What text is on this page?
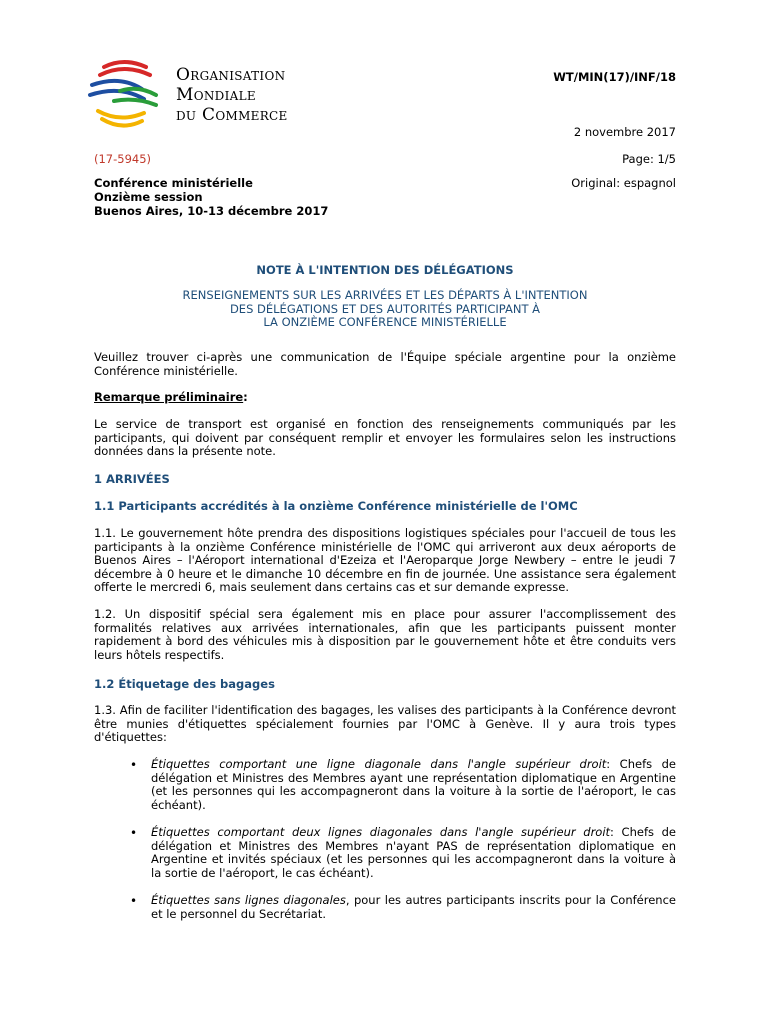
Organisation
Mondiale
du Commerce
WT/MIN(17)/INF/18
2 novembre 2017
(17-5945)	Page: 1/5
Conférence ministérielle
Onzième session
Buenos Aires, 10-13 décembre 2017
Original: espagnol
NOTE À L'INTENTION DES DÉLÉGATIONS
RENSEIGNEMENTS SUR LES ARRIVÉES ET LES DÉPARTS À L'INTENTION
DES DÉLÉGATIONS ET DES AUTORITÉS PARTICIPANT À
LA ONZIÈME CONFÉRENCE MINISTÉRIELLE
Veuillez trouver ci-après une communication de l'Équipe spéciale argentine pour la onzième Conférence ministérielle.
Remarque préliminaire:
Le service de transport est organisé en fonction des renseignements communiqués par les participants, qui doivent par conséquent remplir et envoyer les formulaires selon les instructions données dans la présente note.
1 ARRIVÉES
1.1 Participants accrédités à la onzième Conférence ministérielle de l'OMC
1.1. Le gouvernement hôte prendra des dispositions logistiques spéciales pour l'accueil de tous les participants à la onzième Conférence ministérielle de l'OMC qui arriveront aux deux aéroports de Buenos Aires – l'Aéroport international d'Ezeiza et l'Aeroparque Jorge Newbery – entre le jeudi 7 décembre à 0 heure et le dimanche 10 décembre en fin de journée. Une assistance sera également offerte le mercredi 6, mais seulement dans certains cas et sur demande expresse.
1.2. Un dispositif spécial sera également mis en place pour assurer l'accomplissement des formalités relatives aux arrivées internationales, afin que les participants puissent monter rapidement à bord des véhicules mis à disposition par le gouvernement hôte et être conduits vers leurs hôtels respectifs.
1.2 Étiquetage des bagages
1.3. Afin de faciliter l'identification des bagages, les valises des participants à la Conférence devront être munies d'étiquettes spécialement fournies par l'OMC à Genève. Il y aura trois types d'étiquettes:
• Étiquettes comportant une ligne diagonale dans l'angle supérieur droit: Chefs de délégation et Ministres des Membres ayant une représentation diplomatique en Argentine (et les personnes qui les accompagneront dans la voiture à la sortie de l'aéroport, le cas échéant).
• Étiquettes comportant deux lignes diagonales dans l'angle supérieur droit: Chefs de délégation et Ministres des Membres n'ayant PAS de représentation diplomatique en Argentine et invités spéciaux (et les personnes qui les accompagneront dans la voiture à la sortie de l'aéroport, le cas échéant).
• Étiquettes sans lignes diagonales, pour les autres participants inscrits pour la Conférence et le personnel du Secrétariat.
